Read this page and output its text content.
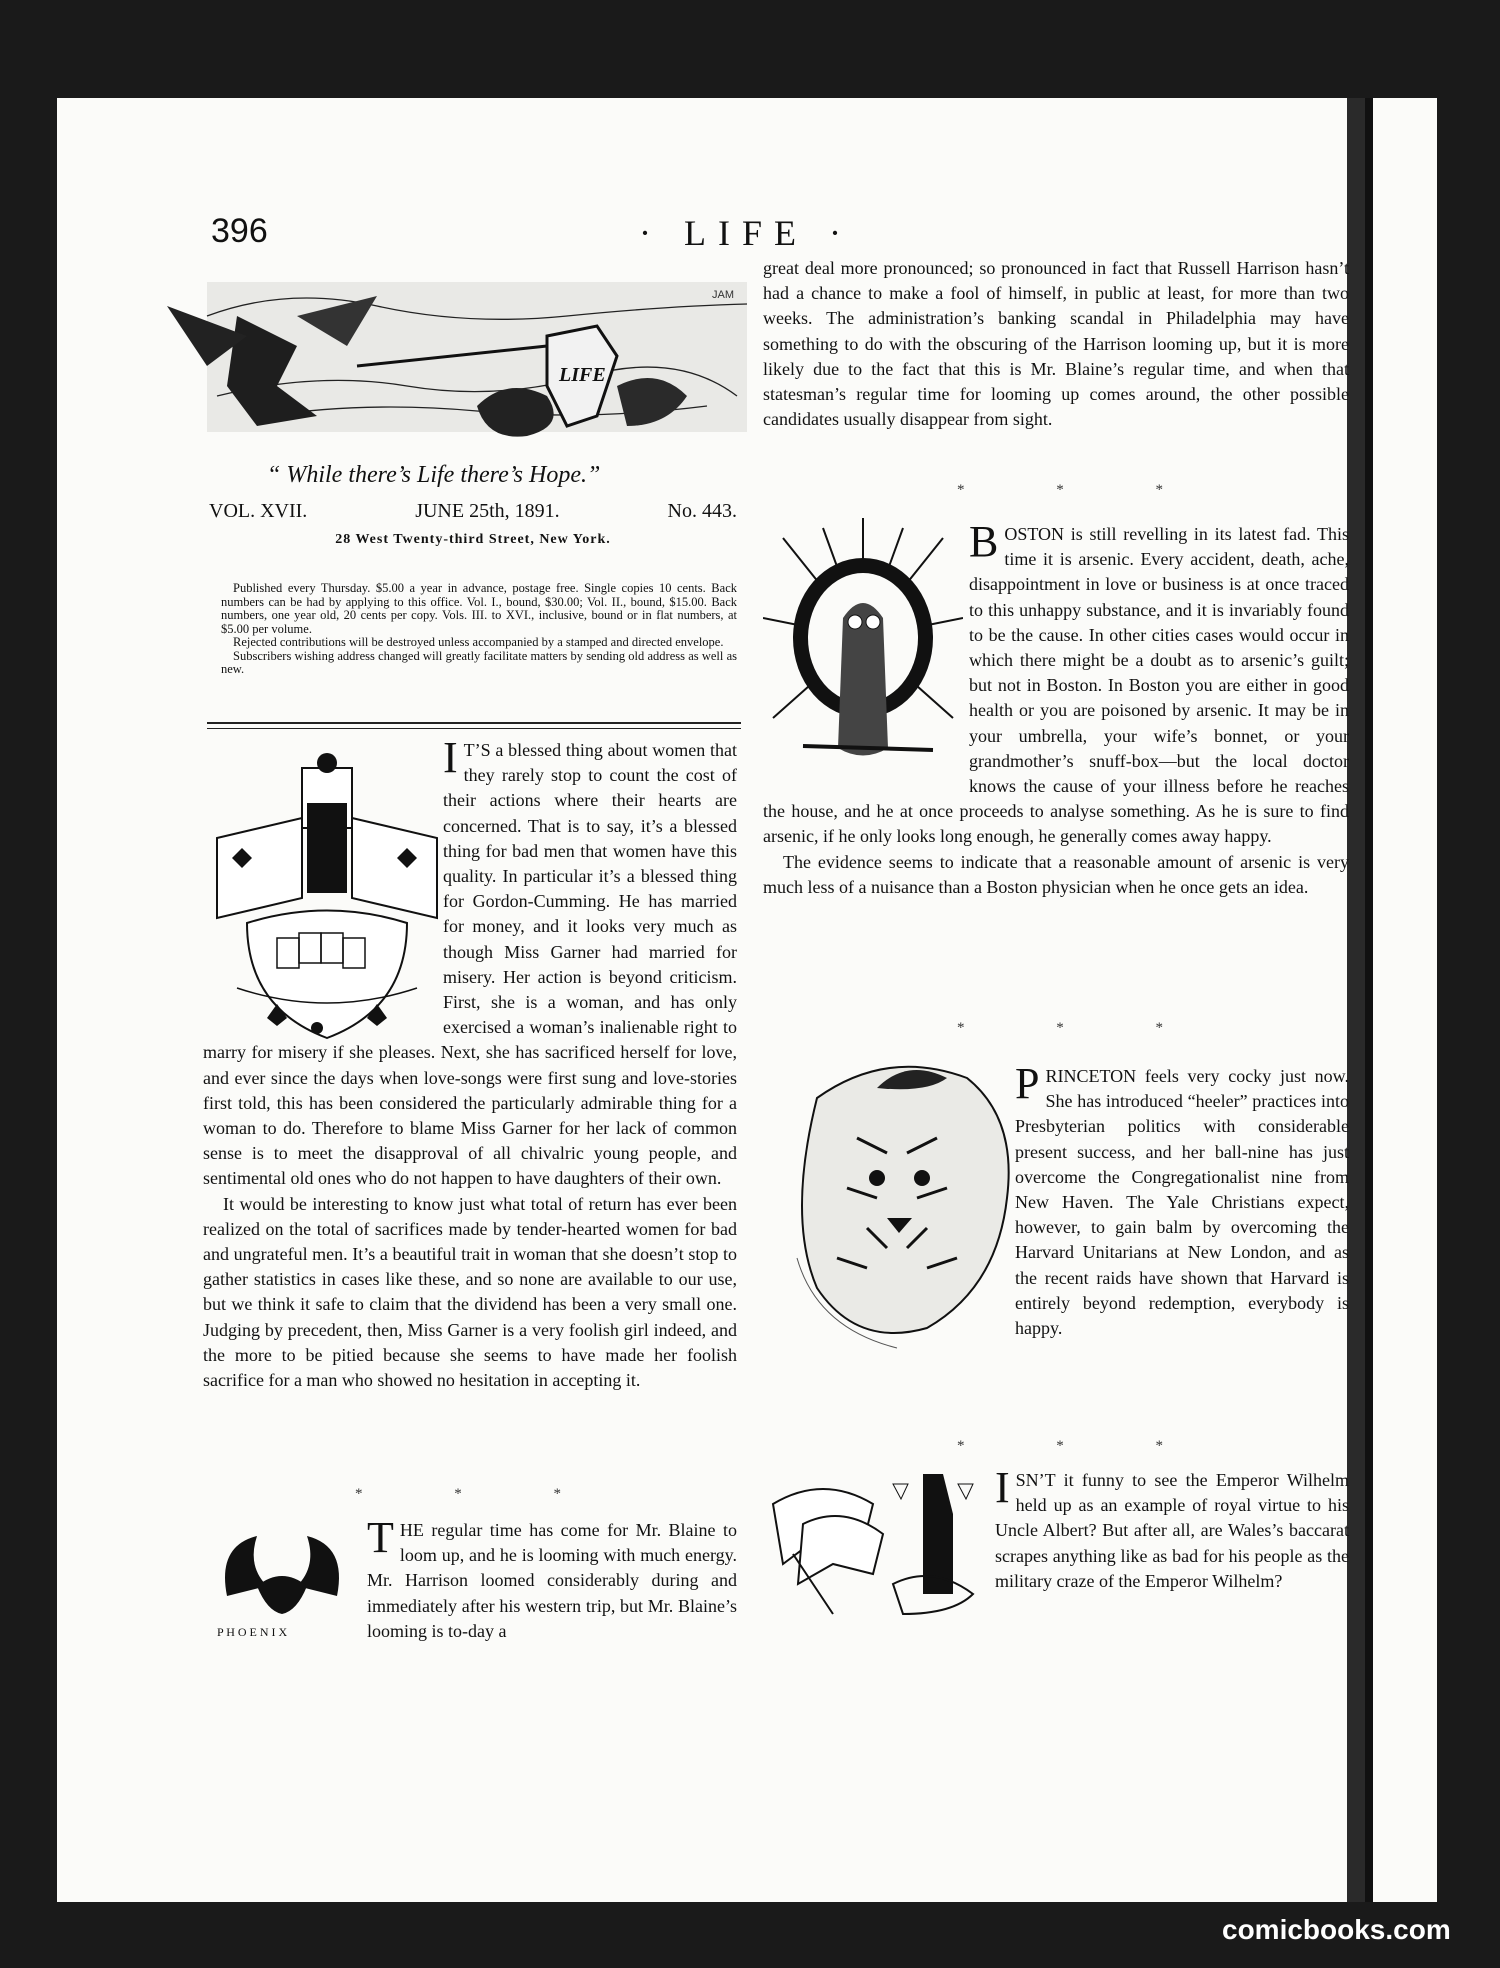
396	· LIFE ·
LIFE
JAM
“ While there’s Life there’s Hope.”
VOL. XVII.	JUNE 25th, 1891.	No. 443.
28 West Twenty-third Street, New York.

Published every Thursday. $5.00 a year in advance, postage free. Single copies 10 cents. Back numbers can be had by applying to this office. Vol. I., bound, $30.00; Vol. II., bound, $15.00. Back numbers, one year old, 20 cents per copy. Vols. III. to XVI., inclusive, bound or in flat numbers, at $5.00 per volume.

Rejected contributions will be destroyed unless accompanied by a stamped and directed envelope.

Subscribers wishing address changed will greatly facilitate matters by sending old address as well as new.

I T’S a blessed thing about women that they rarely stop to count the cost of their actions where their hearts are concerned. That is to say, it’s a blessed thing for bad men that women have this quality. In particular it’s a blessed thing for Gordon-Cumming. He has married for money, and it looks very much as though Miss Garner had married for misery. Her action is beyond criticism. First, she is a woman, and has only exercised a woman’s inalienable right to marry for misery if she pleases. Next, she has sacrificed herself for love, and ever since the days when love-songs were first sung and love-stories first told, this has been considered the particularly admirable thing for a woman to do. Therefore to blame Miss Garner for her lack of common sense is to meet the disapproval of all chivalric young people, and sentimental old ones who do not happen to have daughters of their own.

It would be interesting to know just what total of return has ever been realized on the total of sacrifices made by tender-hearted women for bad and ungrateful men. It’s a beautiful trait in woman that she doesn’t stop to gather statistics in cases like these, and so none are available to our use, but we think it safe to claim that the dividend has been a very small one. Judging by precedent, then, Miss Garner is a very foolish girl indeed, and the more to be pitied because she seems to have made her foolish sacrifice for a man who showed no hesitation in accepting it.

* * *
P H O E N I X

THE regular time has come for Mr. Blaine to loom up, and he is looming with much energy. Mr. Harrison loomed considerably during and immediately after his western trip, but Mr. Blaine’s looming is to-day a

great deal more pronounced; so pronounced in fact that Russell Harrison hasn’t had a chance to make a fool of himself, in public at least, for more than two weeks. The administration’s banking scandal in Philadelphia may have something to do with the obscuring of the Harrison looming up, but it is more likely due to the fact that this is Mr. Blaine’s regular time, and when that statesman’s regular time for looming up comes around, the other possible candidates usually disappear from sight.

* * *

BOSTON is still revelling in its latest fad. This time it is arsenic. Every accident, death, ache, disappointment in love or business is at once traced to this unhappy substance, and it is invariably found to be the cause. In other cities cases would occur in which there might be a doubt as to arsenic’s guilt; but not in Boston. In Boston you are either in good health or you are poisoned by arsenic. It may be in your umbrella, your wife’s bonnet, or your grandmother’s snuff-box—but the local doctor knows the cause of your illness before he reaches the house, and he at once proceeds to analyse something. As he is sure to find arsenic, if he only looks long enough, he generally comes away happy.

The evidence seems to indicate that a reasonable amount of arsenic is very much less of a nuisance than a Boston physician when he once gets an idea.

* * *

PRINCETON feels very cocky just now. She has introduced “heeler” practices into Presbyterian politics with considerable present success, and her ball-nine has just overcome the Congregationalist nine from New Haven. The Yale Christians expect, however, to gain balm by overcoming the Harvard Unitarians at New London, and as the recent raids have shown that Harvard is entirely beyond redemption, everybody is happy.

* * *

ISN’T it funny to see the Emperor Wilhelm held up as an example of royal virtue to his Uncle Albert? But after all, are Wales’s baccarat scrapes anything like as bad for his people as the military craze of the Emperor Wilhelm?

comicbooks.com
